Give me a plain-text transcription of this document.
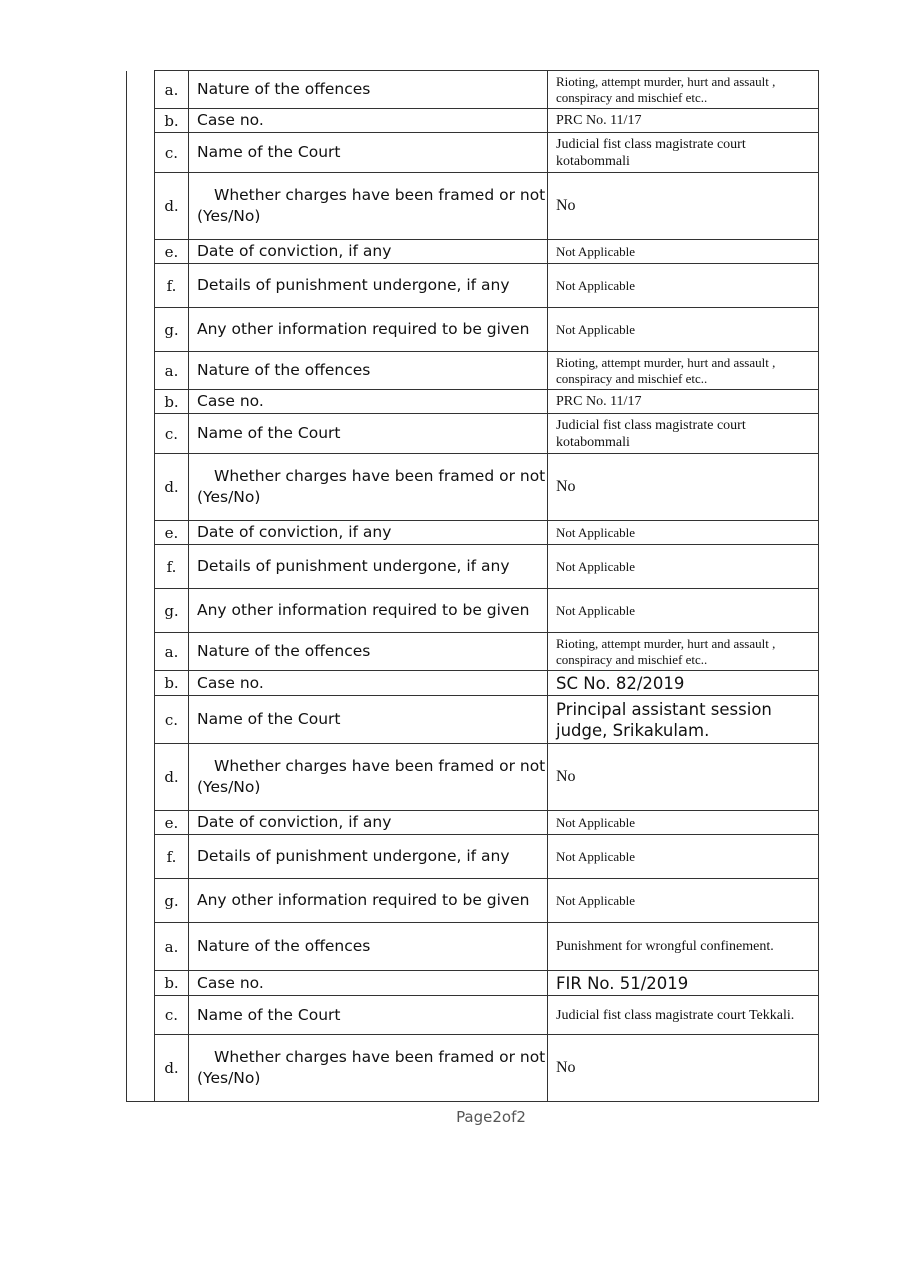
	a.	Nature of the offences	Rioting, attempt murder, hurt and assault , conspiracy and mischief etc..
	b.	Case no.	PRC No. 11/17
	c.	Name of the Court	Judicial fist class magistrate court kotabommali
	d.	Whether charges have been framed or not (Yes/No)	No
	e.	Date of conviction, if any	Not Applicable
	f.	Details of punishment undergone, if any	Not Applicable
	g.	Any other information required to be given	Not Applicable
	a.	Nature of the offences	Rioting, attempt murder, hurt and assault , conspiracy and mischief etc..
	b.	Case no.	PRC No. 11/17
	c.	Name of the Court	Judicial fist class magistrate court kotabommali
	d.	Whether charges have been framed or not (Yes/No)	No
	e.	Date of conviction, if any	Not Applicable
	f.	Details of punishment undergone, if any	Not Applicable
	g.	Any other information required to be given	Not Applicable
	a.	Nature of the offences	Rioting, attempt murder, hurt and assault , conspiracy and mischief etc..
	b.	Case no.	SC No. 82/2019
	c.	Name of the Court	Principal assistant session judge, Srikakulam.
	d.	Whether charges have been framed or not (Yes/No)	No
	e.	Date of conviction, if any	Not Applicable
	f.	Details of punishment undergone, if any	Not Applicable
	g.	Any other information required to be given	Not Applicable
	a.	Nature of the offences	Punishment for wrongful confinement.
	b.	Case no.	FIR No. 51/2019
	c.	Name of the Court	Judicial fist class magistrate court Tekkali.
	d.	Whether charges have been framed or not (Yes/No)	No
Page2of2
